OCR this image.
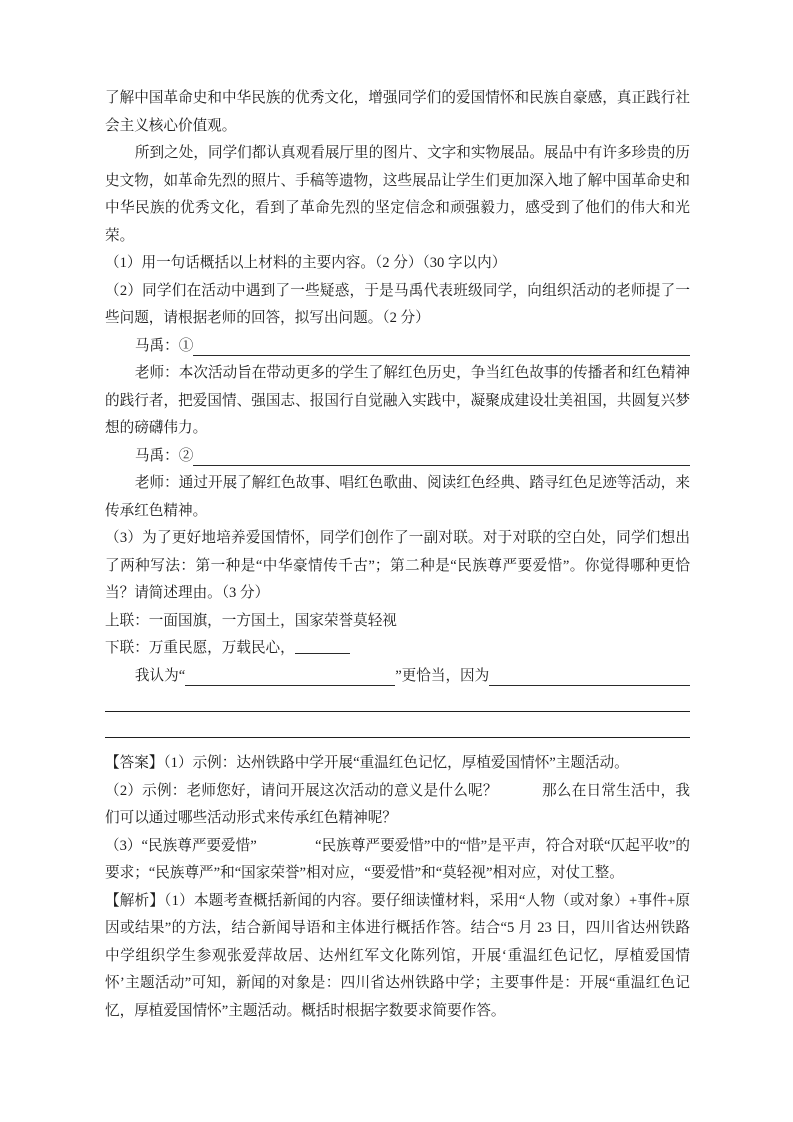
了解中国革命史和中华民族的优秀文化，增强同学们的爱国情怀和民族自豪感，真正践行社会主义核心价值观。

所到之处，同学们都认真观看展厅里的图片、文字和实物展品。展品中有许多珍贵的历史文物，如革命先烈的照片、手稿等遗物，这些展品让学生们更加深入地了解中国革命史和中华民族的优秀文化，看到了革命先烈的坚定信念和顽强毅力，感受到了他们的伟大和光荣。

（1）用一句话概括以上材料的主要内容。（2 分）（30 字以内）

（2）同学们在活动中遇到了一些疑惑，于是马禹代表班级同学，向组织活动的老师提了一些问题，请根据老师的回答，拟写出问题。（2 分）

马禹：①

老师：本次活动旨在带动更多的学生了解红色历史，争当红色故事的传播者和红色精神的践行者，把爱国情、强国志、报国行自觉融入实践中，凝聚成建设壮美祖国，共圆复兴梦想的磅礴伟力。

马禹：②

老师：通过开展了解红色故事、唱红色歌曲、阅读红色经典、踏寻红色足迹等活动，来传承红色精神。

（3）为了更好地培养爱国情怀，同学们创作了一副对联。对于对联的空白处，同学们想出了两种写法：第一种是“中华豪情传千古”；第二种是“民族尊严要爱惜”。你觉得哪种更恰当？请简述理由。（3 分）

上联：一面国旗，一方国土，国家荣誉莫轻视

下联：万重民愿，万载民心，

我认为“	”更恰当，因为

【答案】（1）示例：达州铁路中学开展“重温红色记忆，厚植爱国情怀”主题活动。

（2）示例：老师您好，请问开展这次活动的意义是什么呢？　　　那么在日常生活中，我们可以通过哪些活动形式来传承红色精神呢？

（3）“民族尊严要爱惜”　　　　“民族尊严要爱惜”中的“惜”是平声，符合对联“仄起平收”的要求；“民族尊严”和“国家荣誉”相对应，“要爱惜”和“莫轻视”相对应，对仗工整。

【解析】（1）本题考查概括新闻的内容。要仔细读懂材料，采用“人物（或对象）+事件+原因或结果”的方法，结合新闻导语和主体进行概括作答。结合“5 月 23 日，四川省达州铁路中学组织学生参观张爱萍故居、达州红军文化陈列馆，开展‘重温红色记忆，厚植爱国情怀’主题活动”可知，新闻的对象是：四川省达州铁路中学；主要事件是：开展“重温红色记忆，厚植爱国情怀”主题活动。概括时根据字数要求简要作答。
